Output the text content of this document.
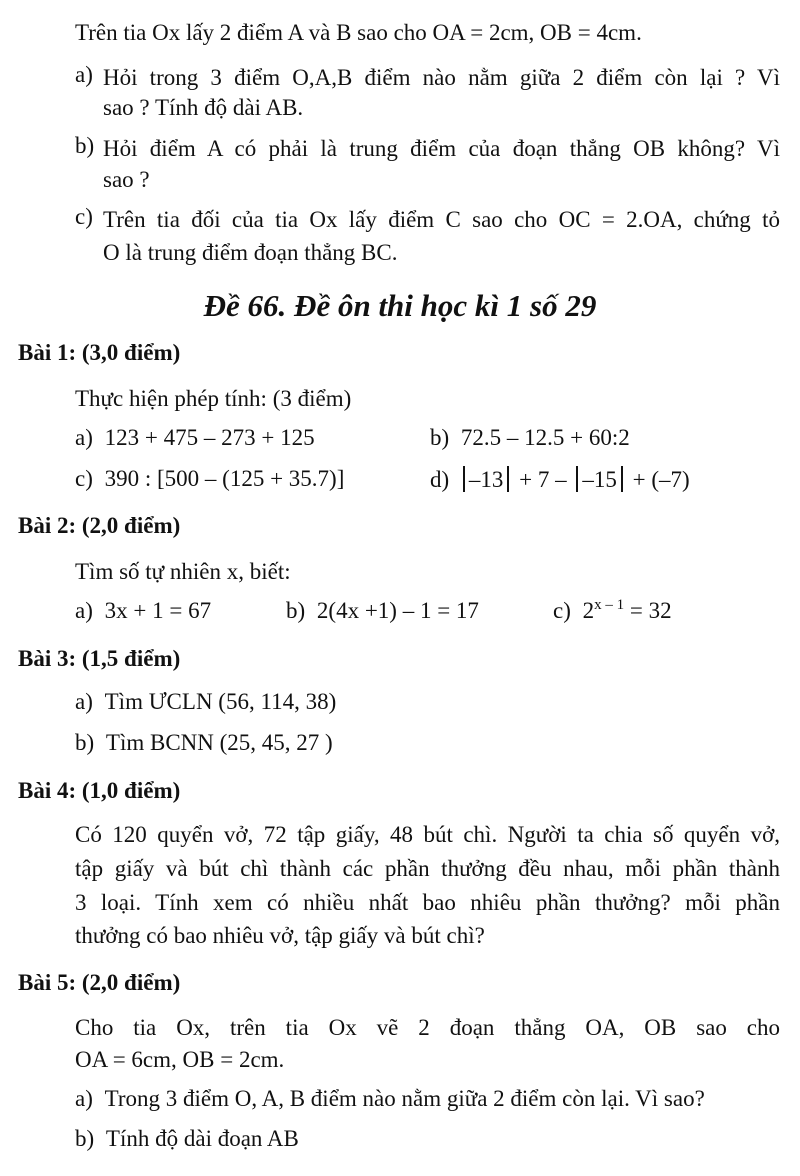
Trên tia Ox lấy 2 điểm A và B sao cho OA = 2cm, OB = 4cm.
a) Hỏi trong 3 điểm O,A,B điểm nào nằm giữa 2 điểm còn lại ? Vì
sao ? Tính độ dài AB.
b) Hỏi điểm A có phải là trung điểm của đoạn thẳng OB không? Vì
sao ?
c) Trên tia đối của tia Ox lấy điểm C sao cho OC = 2.OA, chứng tỏ
O là trung điểm đoạn thẳng BC.
Đề 66. Đề ôn thi học kì 1 số 29
Bài 1: (3,0 điểm)
Thực hiện phép tính: (3 điểm)
a) 123 + 475 – 273 + 125	b) 72.5 – 12.5 + 60:2
c) 390 : [500 – (125 + 35.7)]	d) –13 + 7 – –15 + (–7)
Bài 2: (2,0 điểm)
Tìm số tự nhiên x, biết:
a) 3x + 1 = 67	b) 2(4x +1) – 1 = 17	c) $2^{x - 1} = 32$
Bài 3: (1,5 điểm)
a) Tìm ƯCLN (56, 114, 38)
b) Tìm BCNN (25, 45, 27 )
Bài 4: (1,0 điểm)
Có 120 quyển vở, 72 tập giấy, 48 bút chì. Người ta chia số quyển vở,
tập giấy và bút chì thành các phần thưởng đều nhau, mỗi phần thành
3 loại. Tính xem có nhiều nhất bao nhiêu phần thưởng? mỗi phần
thưởng có bao nhiêu vở, tập giấy và bút chì?
Bài 5: (2,0 điểm)
Cho tia Ox, trên tia Ox vẽ 2 đoạn thẳng OA, OB sao cho
OA = 6cm, OB = 2cm.
a) Trong 3 điểm O, A, B điểm nào nằm giữa 2 điểm còn lại. Vì sao?
b) Tính độ dài đoạn AB
